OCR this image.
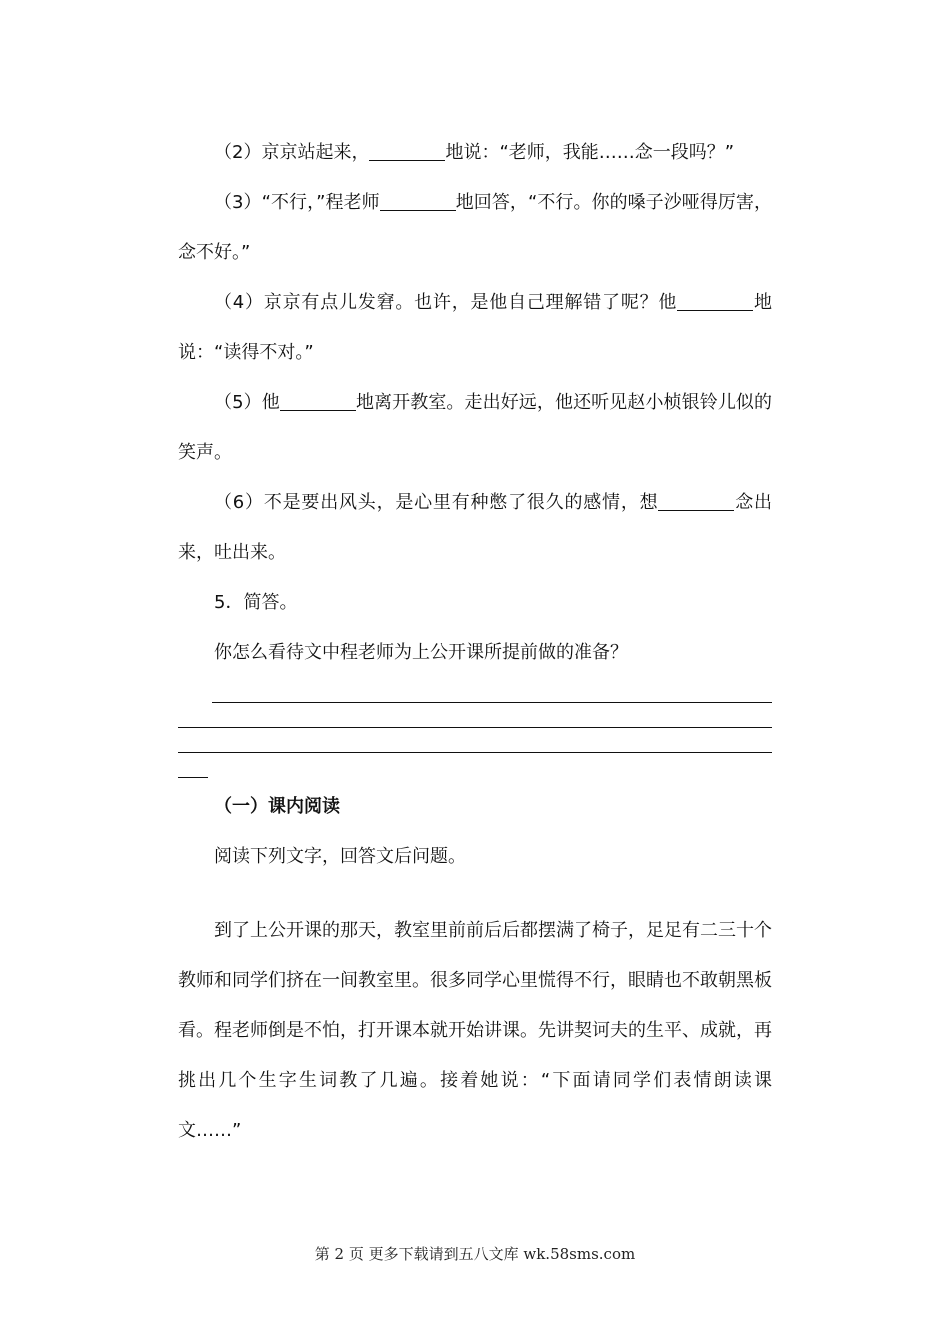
（2）京京站起来，	地说：“老师，我能……念一段吗？”

（3）“不行，”程老师	地回答，“不行。你的嗓子沙哑得厉害，念不好。”

（4）京京有点儿发窘。也许，是他自己理解错了呢？他	地说：“读得不对。”

（5）他	地离开教室。走出好远，他还听见赵小桢银铃儿似的笑声。

（6）不是要出风头，是心里有种憋了很久的感情，想	念出来，吐出来。

5．简答。

你怎么看待文中程老师为上公开课所提前做的准备？

（一）课内阅读

阅读下列文字，回答文后问题。

到了上公开课的那天，教室里前前后后都摆满了椅子，足足有二三十个教师和同学们挤在一间教室里。很多同学心里慌得不行，眼睛也不敢朝黑板看。程老师倒是不怕，打开课本就开始讲课。先讲契诃夫的生平、成就，再挑出几个生字生词教了几遍。接着她说：“下面请同学们表情朗读课文……”

第 2 页 更多下载请到五八文库 wk.58sms.com
